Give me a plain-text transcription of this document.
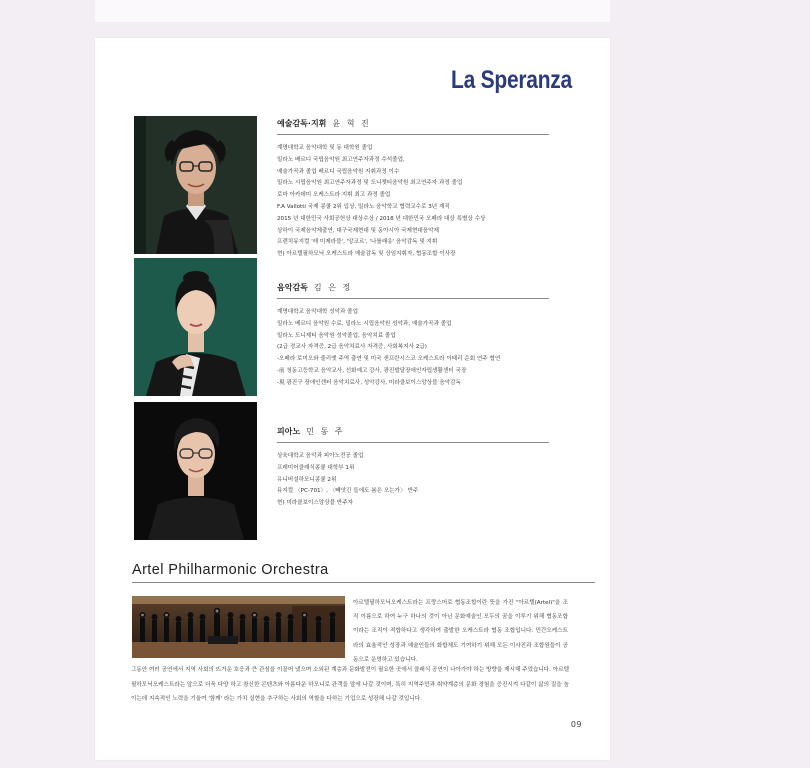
La Speranza
예술감독·지휘 윤 혁 진
계명대학교 음악대학 및 동 대학원 졸업
밀라노 베르디 국립음악원 최고연주자과정 수석졸업,
예술가곡과 졸업 베르디 국립음악원 지휘과정 이수
밀라노 시립음악원 최고연주자과정 및 도니젯티음악원 최고연주자 과정 졸업
로마 아카데미 오케스트라 지휘 최고 과정 졸업
F.A Vallotti 국제 콩쿨 2위 입상, 밀라노 음악학교 협력교수로 3년 재직
2015 년 대한민국 사회공헌상 대상수상 / 2018 년 대한민국 오페라 대상 특별상 수상
상하이 국제음악제출연, 대구국제현대 및 동아시아 국제현대음악제
프렌치뮤지컬 '레 미제라블', '앙코르', '나를래옹' 음악감독 및 지휘
현) 아르텔필하모닉 오케스트라 예술감독 및 상임지휘자, 협동조합 이사장
음악감독 김 은 정
계명대학교 음악대학 성악과 졸업
밀라노 베르디 음악원 수료, 밀라노 시립음악원 성악과, 예술가곡과 졸업
밀라노 도니제티 음악원 성악졸업, 음악치료 졸업
(2급 정교사 자격증, 2급 음악치료사 자격증, 사회복지사 2급)
-오페라 로미오와 줄리엣 주역 출연 및 미국 샌프란시스코 오케스트라 이태리 순회 연주 협연
-前 청동고등학교 음악교사, 선화예고 강사, 광진발달장애인자립생활센터 국장
-現 광진구 장애인센터 음악치료사, 성악강사, 미라클보이스앙상블 음악감독
피아노 민 동 주
상육대학교 음악과 피아노전공 졸업
프레미어클래식콩쿨 대학부 1위
유니버설하모니콩쿨 2위
뮤지컬 〈PC-701〉, 〈빼앗긴 들에도 봄은 오는가〉 반주
현) 미라클보이스앙상블 반주자
Artel Philharmonic Orchestra
아르텔필하모닉오케스트라는 프랑스어로 협동조합이란 뜻을 가진 "아르텔(Artel)"을 조직 이름으로 하여 누구 하나의 것이 아닌 문화예술인 모두의 꿈을 이루기 위해 협동조합이라는 조직이 적합하다고 생각하여 출발한 오케스트라 협동 조합입니다. 민간오케스트라의 효율적인 성장과 예술인들의 화합체도 기여하기 위해 모든 이사진과 조합원들이 공동으로 운영하고 있습니다.
그동안 여러 공연에서 지역 사회의 뜨거운 호응과 큰 관심을 이끌어 냈으며 소외된 계층과 문화발전이 필요한 곳에서 클래식 공연이 나아가야 하는 방향을 제시해 주었습니다. 아르텔필하모닉오케스트라는 앞으로 더욱 다양 하고 참신한 콘텐츠와 아름다운 하모니로 관객들 앞에 나갈 것이며, 특히 지역주민과 취약계층의 문화 경험을 증진시켜 다같이 삶의 질을 높이는데 지속적인 노력을 기울여 '함께' 라는 가치 실현을 추구하는 사회의 역할을 다하는 기업으로 성장해 나갈 것입니다.
09
